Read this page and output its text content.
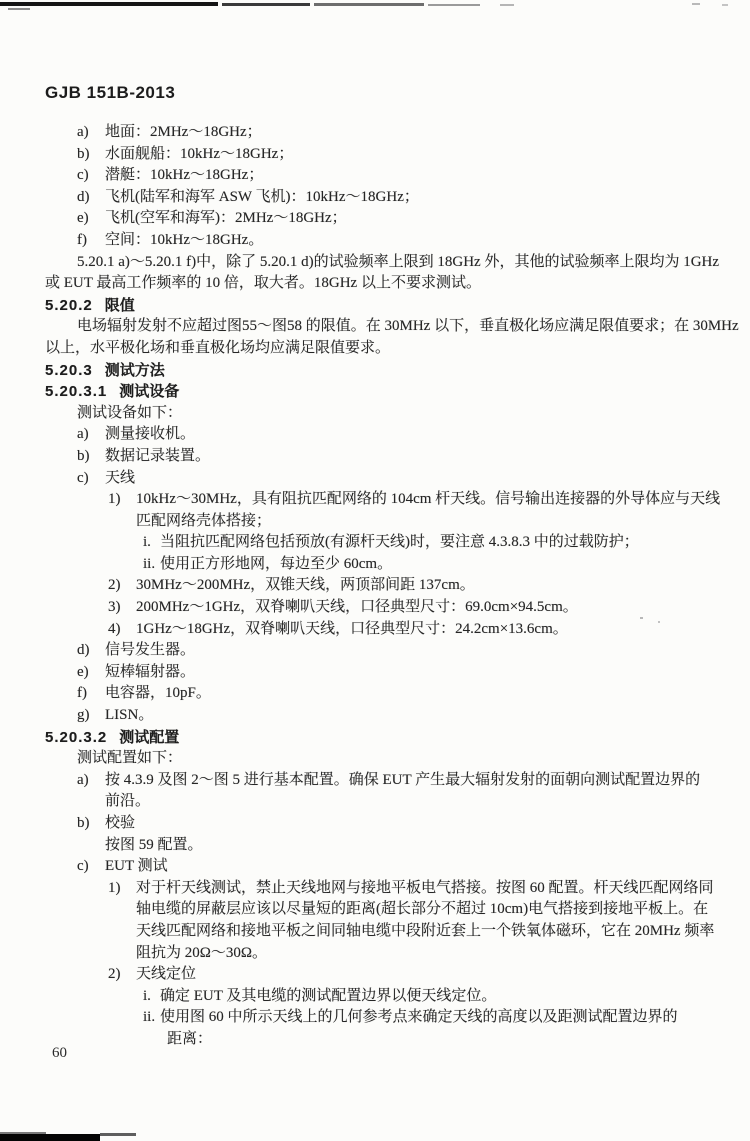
GJB 151B-2013
a) 地面：2MHz～18GHz；
b) 水面舰船：10kHz～18GHz；
c) 潜艇：10kHz～18GHz；
d) 飞机(陆军和海军 ASW 飞机)：10kHz～18GHz；
e) 飞机(空军和海军)：2MHz～18GHz；
f) 空间：10kHz～18GHz。
5.20.1 a)～5.20.1 f)中，除了 5.20.1 d)的试验频率上限到 18GHz 外，其他的试验频率上限均为 1GHz
或 EUT 最高工作频率的 10 倍，取大者。18GHz 以上不要求测试。
5.20.2 限值
电场辐射发射不应超过图55～图58 的限值。在 30MHz 以下，垂直极化场应满足限值要求；在 30MHz
以上，水平极化场和垂直极化场均应满足限值要求。
5.20.3 测试方法
5.20.3.1 测试设备
测试设备如下：
a) 测量接收机。
b) 数据记录装置。
c) 天线
1) 10kHz～30MHz，具有阻抗匹配网络的 104cm 杆天线。信号输出连接器的外导体应与天线
匹配网络壳体搭接；
i. 当阻抗匹配网络包括预放(有源杆天线)时，要注意 4.3.8.3 中的过载防护；
ii. 使用正方形地网，每边至少 60cm。
2) 30MHz～200MHz，双锥天线，两顶部间距 137cm。
3) 200MHz～1GHz，双脊喇叭天线，口径典型尺寸：69.0cm×94.5cm。
4) 1GHz～18GHz，双脊喇叭天线，口径典型尺寸：24.2cm×13.6cm。
d) 信号发生器。
e) 短棒辐射器。
f) 电容器，10pF。
g) LISN。
5.20.3.2 测试配置
测试配置如下：
a) 按 4.3.9 及图 2～图 5 进行基本配置。确保 EUT 产生最大辐射发射的面朝向测试配置边界的
前沿。
b) 校验
按图 59 配置。
c) EUT 测试
1) 对于杆天线测试，禁止天线地网与接地平板电气搭接。按图 60 配置。杆天线匹配网络同
轴电缆的屏蔽层应该以尽量短的距离(超长部分不超过 10cm)电气搭接到接地平板上。在
天线匹配网络和接地平板之间同轴电缆中段附近套上一个铁氧体磁环，它在 20MHz 频率
阻抗为 20Ω～30Ω。
2) 天线定位
i. 确定 EUT 及其电缆的测试配置边界以便天线定位。
ii. 使用图 60 中所示天线上的几何参考点来确定天线的高度以及距测试配置边界的
距离：
60
